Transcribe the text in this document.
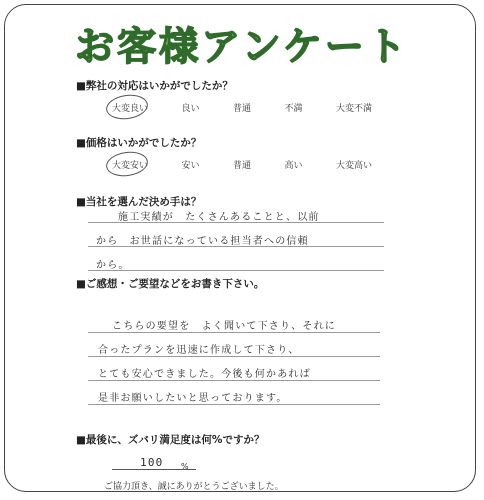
お客様アンケート
■弊社の対応はいかがでしたか？
大変良い	良い	普通	不満	大変不満
■価格はいかがでしたか？
大変安い	安い	普通	高い	大変高い
■当社を選んだ決め手は？
施工実績が　たくさんあることと、以前
から　お世話になっている担当者への信頼
から。
■ご感想・ご要望などをお書き下さい。
こちらの要望を　よく聞いて下さり、それに
合ったプランを迅速に作成して下さり、
とても安心できました。今後も何かあれば
是非お願いしたいと思っております。
■最後に、ズバリ満足度は何%ですか？
100 %
ご協力頂き、誠にありがとうございました。
